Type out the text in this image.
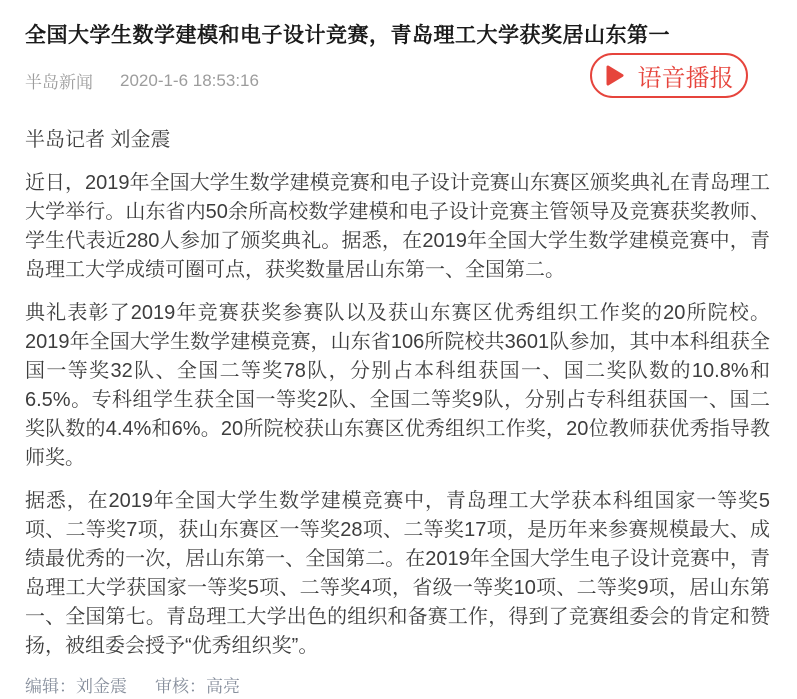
全国大学生数学建模和电子设计竞赛，青岛理工大学获奖居山东第一
半岛新闻 2020-1-6 18:53:16	语音播报

半岛记者 刘金震

近日，2019年全国大学生数学建模竞赛和电子设计竞赛山东赛区颁奖典礼在青岛理工大学举行。山东省内50余所高校数学建模和电子设计竞赛主管领导及竞赛获奖教师、学生代表近280人参加了颁奖典礼。据悉，在2019年全国大学生数学建模竞赛中，青岛理工大学成绩可圈可点，获奖数量居山东第一、全国第二。

典礼表彰了2019年竞赛获奖参赛队以及获山东赛区优秀组织工作奖的20所院校。2019年全国大学生数学建模竞赛，山东省106所院校共3601队参加，其中本科组获全国一等奖32队、全国二等奖78队，分别占本科组获国一、国二奖队数的10.8%和6.5%。专科组学生获全国一等奖2队、全国二等奖9队，分别占专科组获国一、国二奖队数的4.4%和6%。20所院校获山东赛区优秀组织工作奖，20位教师获优秀指导教师奖。

据悉，在2019年全国大学生数学建模竞赛中，青岛理工大学获本科组国家一等奖5项、二等奖7项，获山东赛区一等奖28项、二等奖17项，是历年来参赛规模最大、成绩最优秀的一次，居山东第一、全国第二。在2019年全国大学生电子设计竞赛中，青岛理工大学获国家一等奖5项、二等奖4项，省级一等奖10项、二等奖9项，居山东第一、全国第七。青岛理工大学出色的组织和备赛工作，得到了竞赛组委会的肯定和赞扬，被组委会授予“优秀组织奖”。

编辑：刘金震 审核：高亮
